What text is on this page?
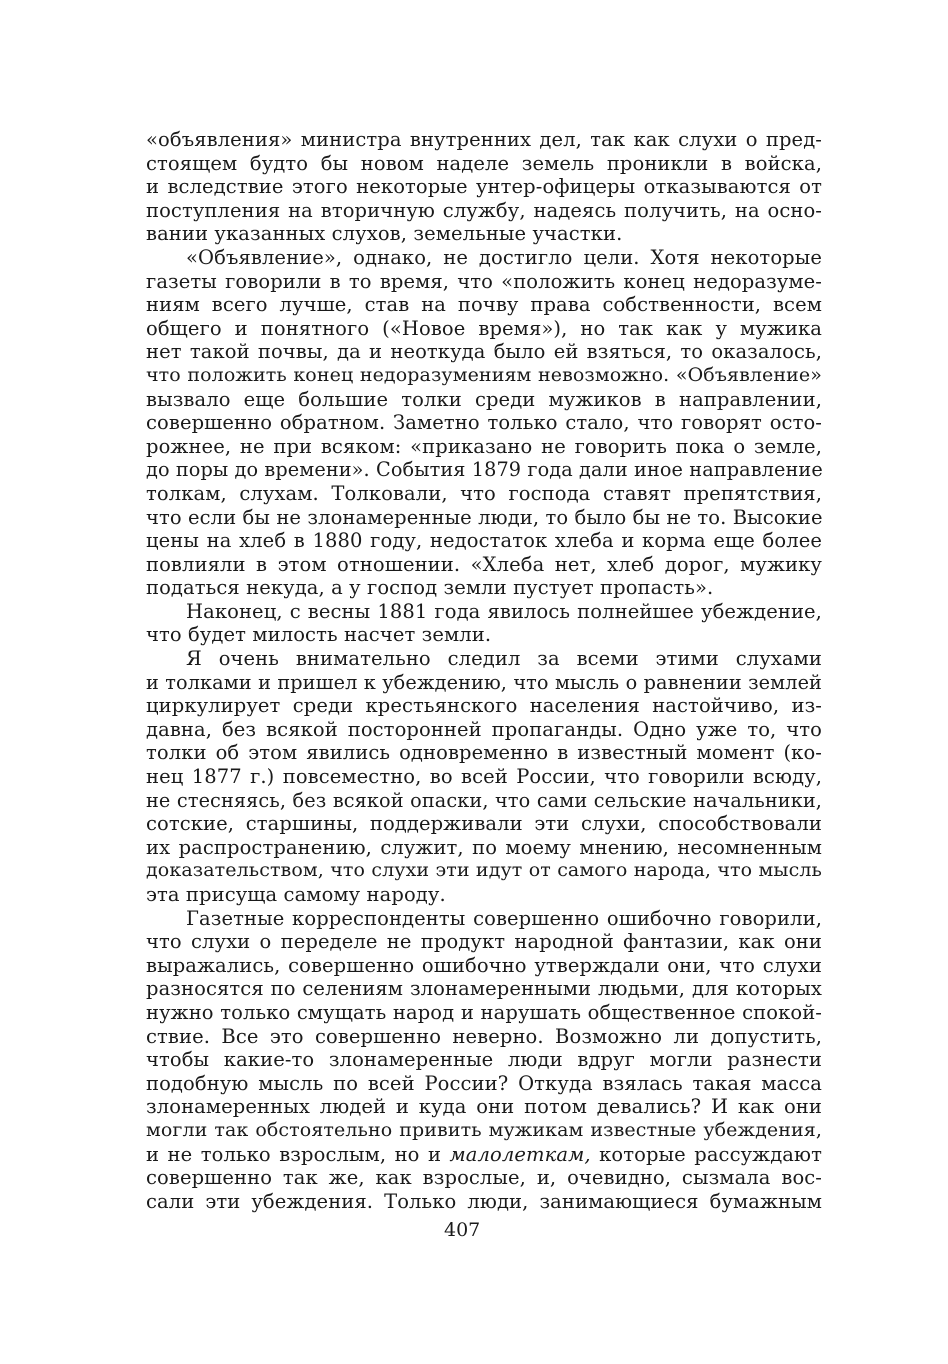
«объявления» министра внутренних дел, так как слухи о пред-
стоящем будто бы новом наделе земель проникли в войска,
и вследствие этого некоторые унтер-офицеры отказываются от
поступления на вторичную службу, надеясь получить, на осно-
вании указанных слухов, земельные участки.
«Объявление», однако, не достигло цели. Хотя некоторые
газеты говорили в то время, что «положить конец недоразуме-
ниям всего лучше, став на почву права собственности, всем
общего и понятного («Новое время»), но так как у мужика
нет такой почвы, да и неоткуда было ей взяться, то оказалось,
что положить конец недоразумениям невозможно. «Объявление»
вызвало еще большие толки среди мужиков в направлении,
совершенно обратном. Заметно только стало, что говорят осто-
рожнее, не при всяком: «приказано не говорить пока о земле,
до поры до времени». События 1879 года дали иное направление
толкам, слухам. Толковали, что господа ставят препятствия,
что если бы не злонамеренные люди, то было бы не то. Высокие
цены на хлеб в 1880 году, недостаток хлеба и корма еще более
повлияли в этом отношении. «Хлеба нет, хлеб дорог, мужику
податься некуда, а у господ земли пустует пропасть».
Наконец, с весны 1881 года явилось полнейшее убеждение,
что будет милость насчет земли.
Я очень внимательно следил за всеми этими слухами
и толками и пришел к убеждению, что мысль о равнении землей
циркулирует среди крестьянского населения настойчиво, из-
давна, без всякой посторонней пропаганды. Одно уже то, что
толки об этом явились одновременно в известный момент (ко-
нец 1877 г.) повсеместно, во всей России, что говорили всюду,
не стесняясь, без всякой опаски, что сами сельские начальники,
сотские, старшины, поддерживали эти слухи, способствовали
их распространению, служит, по моему мнению, несомненным
доказательством, что слухи эти идут от самого народа, что мысль
эта присуща самому народу.
Газетные корреспонденты совершенно ошибочно говорили,
что слухи о переделе не продукт народной фантазии, как они
выражались, совершенно ошибочно утверждали они, что слухи
разносятся по селениям злонамеренными людьми, для которых
нужно только смущать народ и нарушать общественное спокой-
ствие. Все это совершенно неверно. Возможно ли допустить,
чтобы какие-то злонамеренные люди вдруг могли разнести
подобную мысль по всей России? Откуда взялась такая масса
злонамеренных людей и куда они потом девались? И как они
могли так обстоятельно привить мужикам известные убеждения,
и не только взрослым, но и малолеткам, которые рассуждают
совершенно так же, как взрослые, и, очевидно, сызмала вос-
сали эти убеждения. Только люди, занимающиеся бумажным
407
